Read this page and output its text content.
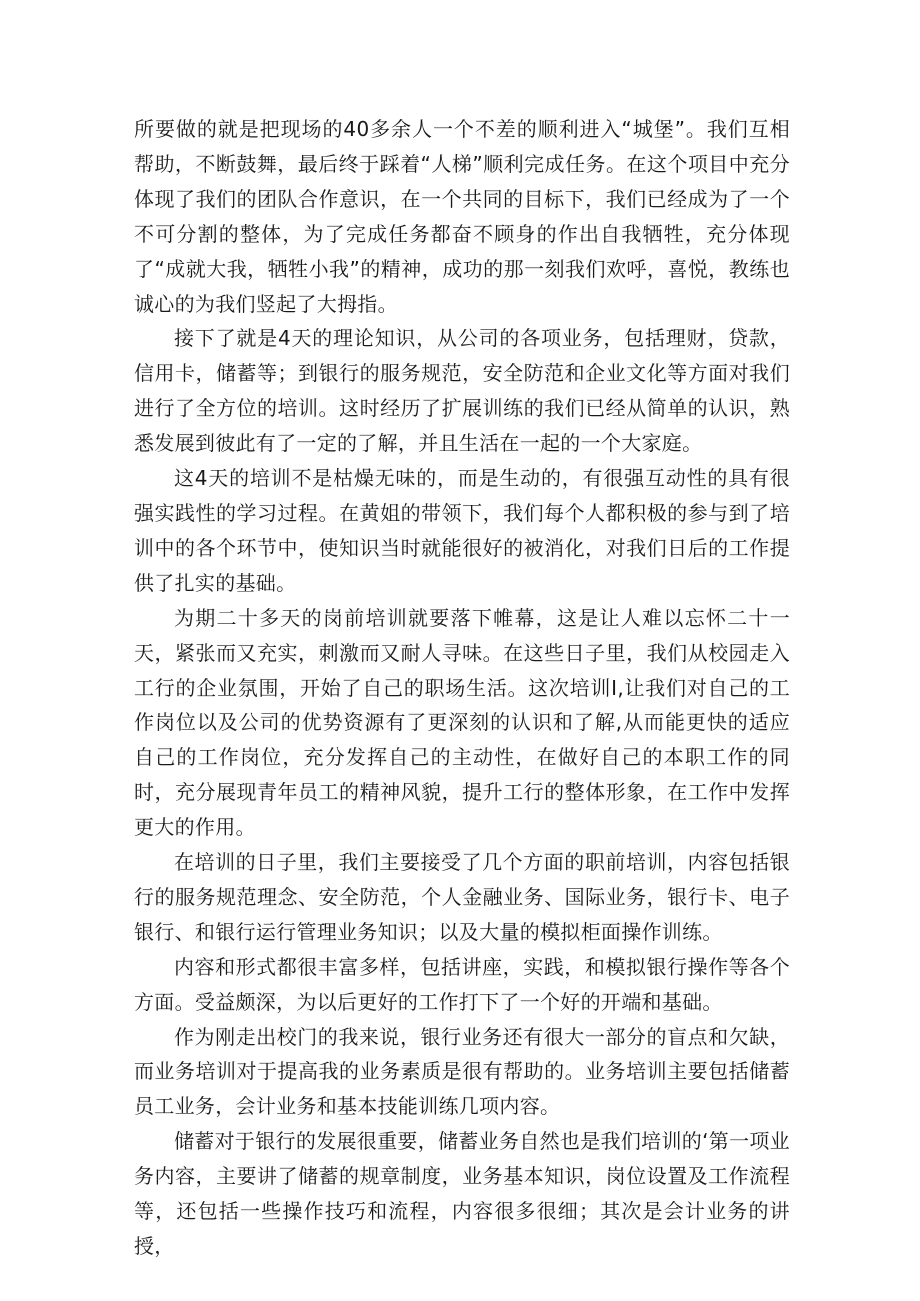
所要做的就是把现场的40多余人一个不差的顺利进入“城堡”。我们互相帮助，不断鼓舞，最后终于踩着“人梯”顺利完成任务。在这个项目中充分体现了我们的团队合作意识，在一个共同的目标下，我们已经成为了一个不可分割的整体，为了完成任务都奋不顾身的作出自我牺牲，充分体现了“成就大我，牺牲小我”的精神，成功的那一刻我们欢呼，喜悦，教练也诚心的为我们竖起了大拇指。

接下了就是4天的理论知识，从公司的各项业务，包括理财，贷款，信用卡，储蓄等；到银行的服务规范，安全防范和企业文化等方面对我们进行了全方位的培训。这时经历了扩展训练的我们已经从简单的认识，熟悉发展到彼此有了一定的了解，并且生活在一起的一个大家庭。

这4天的培训不是枯燥无味的，而是生动的，有很强互动性的具有很强实践性的学习过程。在黄姐的带领下，我们每个人都积极的参与到了培训中的各个环节中，使知识当时就能很好的被消化，对我们日后的工作提供了扎实的基础。

为期二十多天的岗前培训就要落下帷幕，这是让人难以忘怀二十一天，紧张而又充实，刺激而又耐人寻味。在这些日子里，我们从校园走入工行的企业氛围，开始了自己的职场生活。这次培训I,让我们对自己的工作岗位以及公司的优势资源有了更深刻的认识和了解,从而能更快的适应自己的工作岗位，充分发挥自己的主动性，在做好自己的本职工作的同时，充分展现青年员工的精神风貌，提升工行的整体形象，在工作中发挥更大的作用。

在培训的日子里，我们主要接受了几个方面的职前培训，内容包括银行的服务规范理念、安全防范，个人金融业务、国际业务，银行卡、电子银行、和银行运行管理业务知识；以及大量的模拟柜面操作训练。

内容和形式都很丰富多样，包括讲座，实践，和模拟银行操作等各个方面。受益颇深，为以后更好的工作打下了一个好的开端和基础。

作为刚走出校门的我来说，银行业务还有很大一部分的盲点和欠缺，而业务培训对于提高我的业务素质是很有帮助的。业务培训主要包括储蓄员工业务，会计业务和基本技能训练几项内容。

储蓄对于银行的发展很重要，储蓄业务自然也是我们培训的‘第一项业务内容，主要讲了储蓄的规章制度，业务基本知识，岗位设置及工作流程等，还包括一些操作技巧和流程，内容很多很细；其次是会计业务的讲授，
